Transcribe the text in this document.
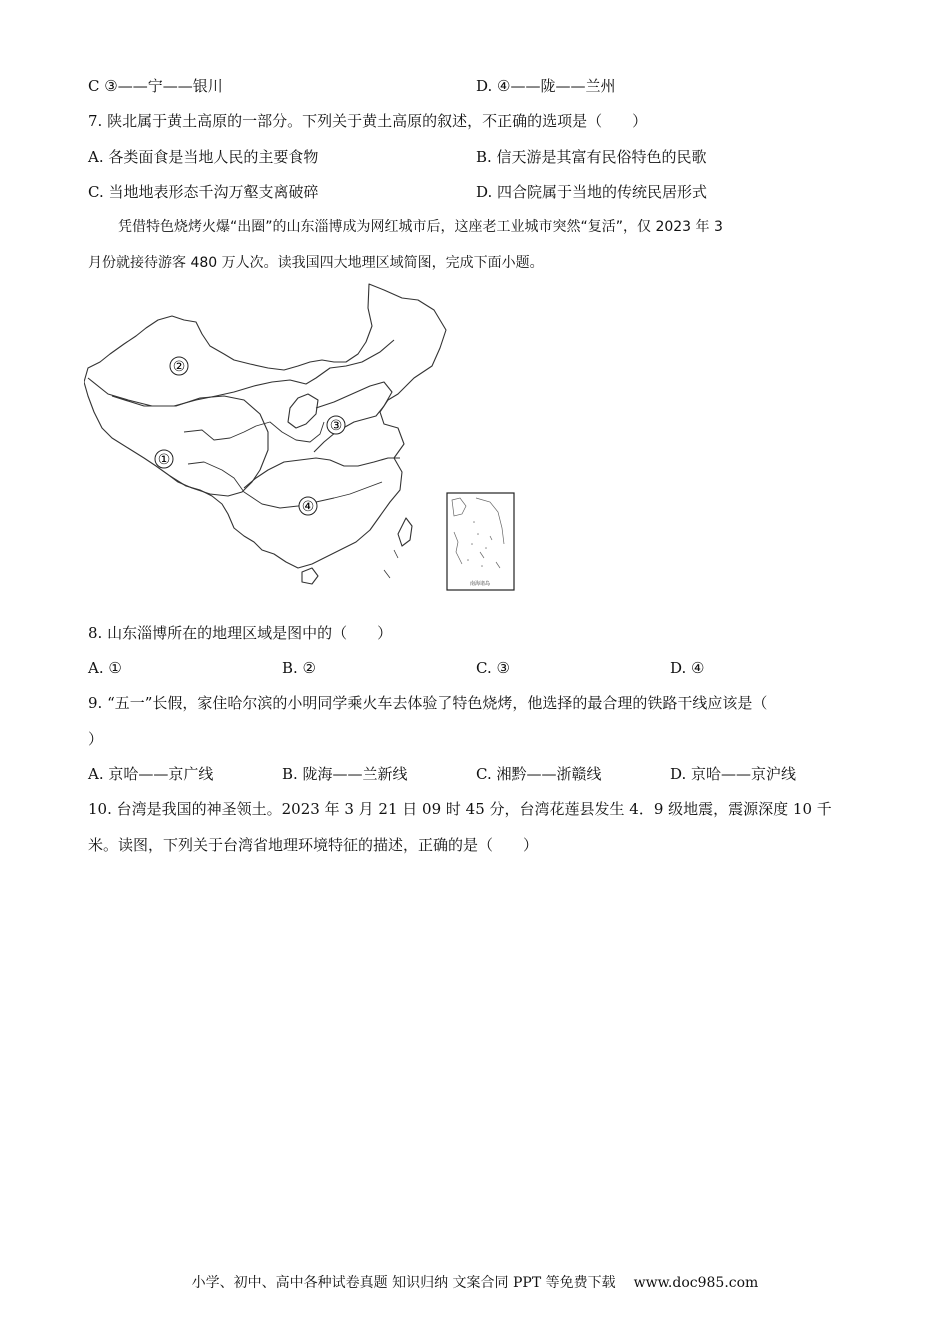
C ③——宁——银川	D. ④——陇——兰州
7. 陕北属于黄土高原的一部分。下列关于黄土高原的叙述，不正确的选项是（　　）
A. 各类面食是当地人民的主要食物	B. 信天游是其富有民俗特色的民歌
C. 当地地表形态千沟万壑支离破碎	D. 四合院属于当地的传统民居形式
凭借特色烧烤火爆“出圈”的山东淄博成为网红城市后，这座老工业城市突然“复活”，仅 2023 年 3
月份就接待游客 480 万人次。读我国四大地理区域简图，完成下面小题。
①
②
③
④
南海诸岛
8. 山东淄博所在的地理区域是图中的（　　）
A. ①	B. ②	C. ③	D. ④
9. “五一”长假，家住哈尔滨的小明同学乘火车去体验了特色烧烤，他选择的最合理的铁路干线应该是（
）
A. 京哈——京广线	B. 陇海——兰新线	C. 湘黔——浙赣线	D. 京哈——京沪线
10. 台湾是我国的神圣领土。2023 年 3 月 21 日 09 时 45 分，台湾花莲县发生 4．9 级地震，震源深度 10 千
米。读图，下列关于台湾省地理环境特征的描述，正确的是（　　）
小学、初中、高中各种试卷真题 知识归纳 文案合同 PPT 等免费下载 www.doc985.com
